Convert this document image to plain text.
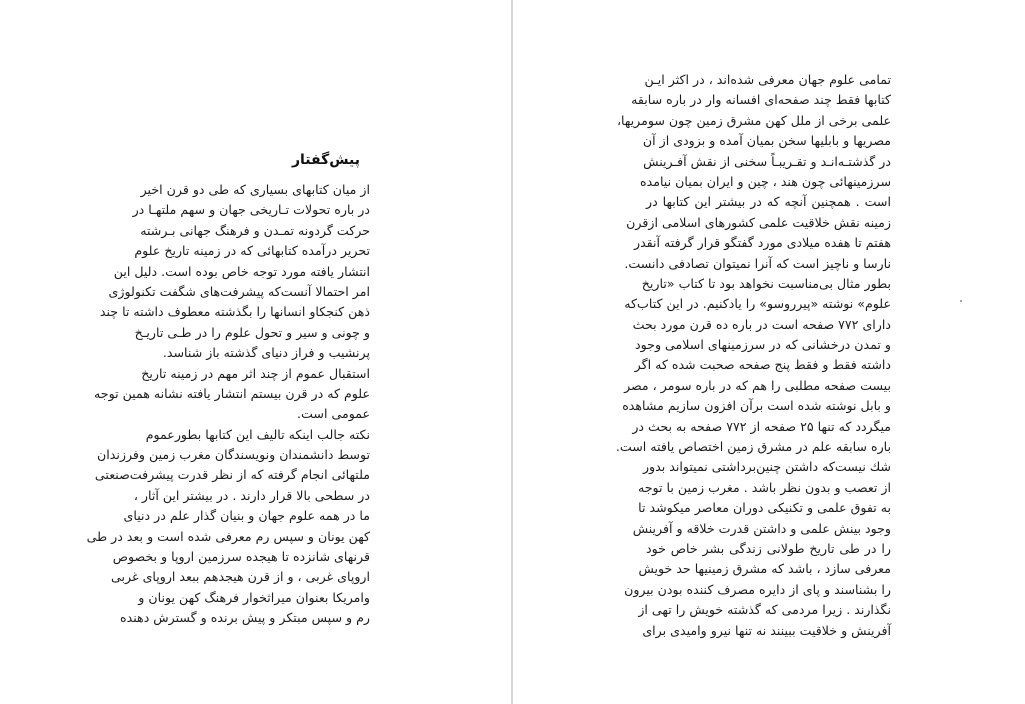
پیش‌گفتار
از میان کتابهای بسیاری که طی دو قرن اخیر
در باره تحولات تـاریخی جهان و سهم ملتهـا در
حرکت گردونه تمـدن و فرهنگ جهانی بـرشته
تحریر درآمده کتابهائی که در زمینه تاریخ علوم
انتشار یافته مورد توجه خاص بوده است. دلیل این
امر احتمالا آنست‌که پیشرفت‌های شگفت تکنولوژی
ذهن کنجکاو انسانها را بگذشته معطوف داشته تا چند
و چونی و سیر و تحول علوم را در طـی تاریـخ
پرنشیب و فراز دنیای گذشته باز شناسد.
استقبال عموم از چند اثر مهم در زمینه تاریخ
علوم که در قرن بیستم انتشار یافته نشانه همین توجه
عمومی است.
نکته جالب اینکه تالیف این کتابها بطورعموم
توسط دانشمندان ونویسندگان مغرب زمین وفرزندان
ملتهائی انجام گرفته که از نظر قدرت پیشرفت‌صنعتی
در سطحی بالا قرار دارند . در بیشتر این آثار ،
ما در همه علوم جهان و بنیان گذار علم در دنیای
کهن یونان و سپس رم معرفی شده است و بعد در طی
قرنهای شانزده تا هیجده سرزمین اروپا و بخصوص
اروپای غربی ، و از قرن هیجدهم ببعد اروپای غربی
وامریکا بعنوان میراثخوار فرهنگ کهن یونان و
رم و سپس مبتکر و پیش برنده و گسترش دهنده
تمامی علوم جهان معرفی شده‌اند ، در اکثر ایـن
کتابها فقط چند صفحه‌ای افسانه وار در باره سابقه
علمی برخی از ملل کهن مشرق زمین چون سومریها،
مصریها و بابلیها سخن بمیان آمده و بزودی از آن
در گذشتـه‌انـد و تقـریبـاً سخنی از نقش آفـرینش
سرزمینهائی چون هند ، چین و ایران بمیان نیامده
است . همچنین آنچه که در بیشتر این کتابها در
زمینه نقش خلاقیت علمی کشورهای اسلامی ازقرن
هفتم تا هفده میلادی مورد گفتگو قرار گرفته آنقدر
نارسا و ناچیز است که آنرا نمیتوان تصادفی دانست.
بطور مثال بی‌مناسبت نخواهد بود تا کتاب «تاریخ
علوم» نوشته «پیرروسو» را یادکنیم. در این کتاب‌که
دارای ۷۷۲ صفحه است در باره ده قرن مورد بحث
و تمدن درخشانی که در سرزمینهای اسلامی وجود
داشته فقط و فقط پنج صفحه صحبت شده که اگر
بیست صفحه مطلبی را هم که در باره سومر ، مصر
و بابل نوشته شده است برآن افزون سازیم مشاهده
میگردد که تنها ۲۵ صفحه از ۷۷۲ صفحه به بحث در
باره سابقه علم در مشرق زمین اختصاص یافته است.
شك نیست‌که داشتن چنین‌برداشتی نمیتواند بدور
از تعصب و بدون نظر باشد . مغرب زمین با توجه
به تفوق علمی و تکنیکی دوران معاصر میکوشد تا
وجود بینش علمی و داشتن قدرت خلاقه و آفرینش
را در طی تاریخ طولانی زندگی بشر خاص خود
معرفی سازد ، باشد که مشرق زمینیها حد خویش
را بشناسند و پای از دایره مصرف کننده بودن بیرون
نگذارند . زیرا مردمی که گذشته خویش را تهی از
آفرینش و خلاقیت ببینند نه تنها نیرو وامیدی برای
